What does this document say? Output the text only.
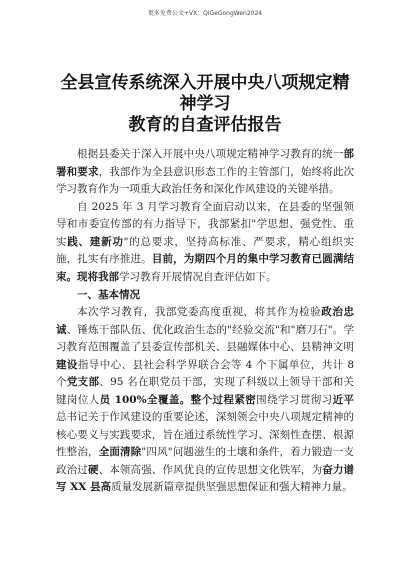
更多免费公文+VX：QiGeGongWen2024
全县宣传系统深入开展中央八项规定精神学习
教育的自查评估报告

根据县委关于深入开展中央八项规定精神学习教育的统一部署和要求，我部作为全县意识形态工作的主管部门，始终将此次学习教育作为一项重大政治任务和深化作风建设的关键举措。

自 2025 年 3 月学习教育全面启动以来，在县委的坚强领导和市委宣传部的有力指导下，我部紧扣"学思想、强党性、重实践、建新功"的总要求，坚持高标准、严要求，精心组织实施，扎实有序推进。目前，为期四个月的集中学习教育已圆满结束。现将我部学习教育开展情况自查评估如下。

一、基本情况

本次学习教育，我部党委高度重视，将其作为检验政治忠诚、锤炼干部队伍、优化政治生态的"经验交流"和"磨刀石"。学习教育范围覆盖了县委宣传部机关、县融媒体中心、县精神文明建设指导中心、县社会科学界联合会等 4 个下属单位，共计 8 个党支部、95 名在职党员干部，实现了科级以上领导干部和关键岗位人员 100%全覆盖。整个过程紧密围绕学习贯彻习近平总书记关于作风建设的重要论述，深刻领会中央八项规定精神的核心要义与实践要求，旨在通过系统性学习、深刻性查摆、根源性整治，全面清除"四风"问题滋生的土壤和条件，着力锻造一支政治过硬、本领高强、作风优良的宣传思想文化铁军，为奋力谱写 XX 县高质量发展新篇章提供坚强思想保证和强大精神力量。
